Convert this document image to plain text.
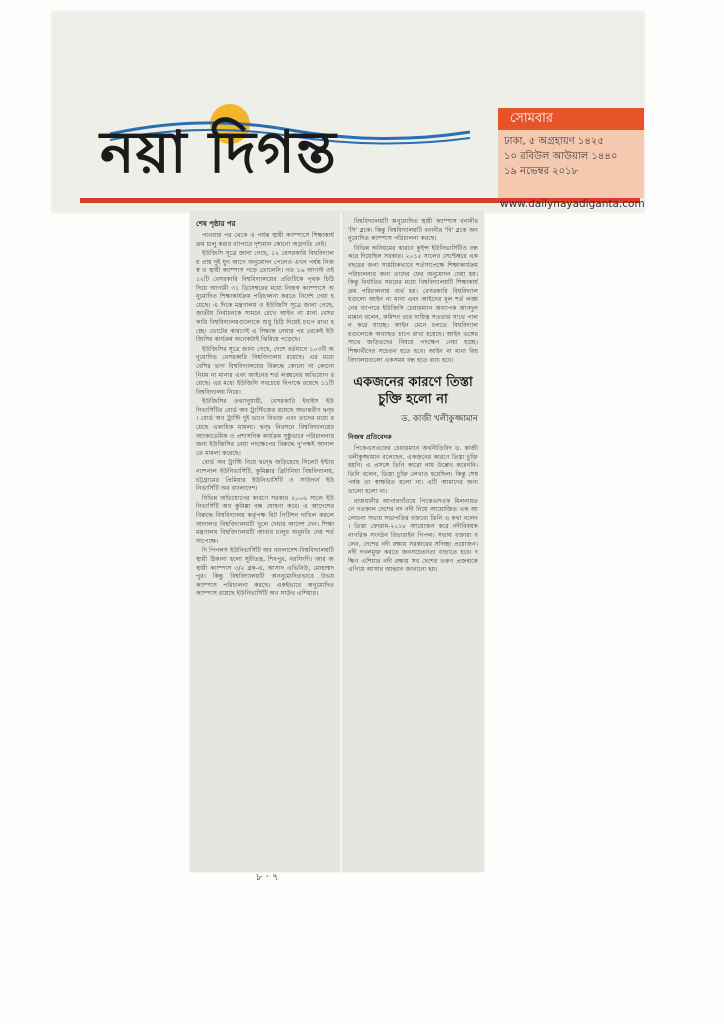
নয়া দিগন্ত	সোমবার
ঢাকা, ৫ অগ্রহায়ণ ১৪২৫
১০ রবিউল আউয়াল ১৪৪০
১৯ নভেম্বর ২০১৮
www.dailynayadiganta.com
শেষ পৃষ্ঠার পর

পাওয়ার পর থেকে এ পর্যন্ত স্থায়ী ক্যাম্পাসে শিক্ষাকার্যক্রম চালু করার ব্যাপারে দৃশ্যমান কোনো অগ্রগতি নেই।

ইউজিসি সূত্রে জানা গেছে, ১২ বেসরকারি বিশ্ববিদ্যালয় প্রায় দুই যুগ আগে অনুমোদন পেলেও এখন পর্যন্ত নিজস্ব ও স্থায়ী ক্যাম্পাস গড়ে তোলেনি। গত ১৬ আগস্ট ওই ১২টি বেসরকারি বিশ্ববিদ্যালয়ের প্রতিটিকে পৃথক চিঠি দিয়ে আগামী ৩১ ডিসেম্বরের মধ্যে নিজস্ব ক্যাম্পাসে অনুমোদিত শিক্ষাকার্যক্রম পরিচালনা করতে নির্দেশ দেয়া হয়েছে। এ দিকে মন্ত্রণালয় ও ইউজিসি সূত্রে জানা গেছে, জাতীয় নির্বাচনকে সামনে রেখে আইন না মানা বেসরকারি বিশ্ববিদ্যালয়গুলোকে শুধু চিঠি দিয়েই চাপে রাখা হচ্ছে। ভোটের কারণেই এ সিদ্ধান্ত নেয়ার পর থেকেই ইউজিসির কার্যক্রম অনেকটাই ঝিমিয়ে পড়েছে।

ইউজিসির সূত্রে জানা গেছে, দেশে বর্তমানে ১০৩টি অনুমোদিত বেসরকারি বিশ্ববিদ্যালয় রয়েছে। এর মধ্যে বেশির ভাগ বিশ্ববিদ্যালয়ের বিরুদ্ধে কোনো না কোনো নিয়ম না মানার এবং আইনের শর্ত লঙ্ঘনের অভিযোগ রয়েছে। এর মধ্যে ইউজিসি সবচেয়ে বিপাকে রয়েছে ১১টি বিশ্ববিদ্যালয় নিয়ে।

ইউজিসির তথ্যানুযায়ী, বেসরকারি ইবাইস ইউনিভার্সিটির বোর্ড অব ট্রাস্টিজের রয়েছে অভ্যন্তরীণ দ্বন্দ্ব। বোর্ড অব ট্রাস্টি দুই ভাগে বিভক্ত এবং তাদের মধ্যে রয়েছে একাধিক মামলা। দ্বন্দ্ব নিরসনে বিশ্ববিদ্যালয়ের অ্যাকাডেমিক ও প্রশাসনিক কার্যক্রম সুষ্ঠুভাবে পরিচালনার জন্য ইউজিসির নেয়া পদক্ষেপের বিরুদ্ধে দু'পক্ষই আদালতে মামলা করেছে।

বোর্ড অব ট্রাস্টি নিয়ে দ্বন্দ্বে জড়িয়েছে সিলেট ইন্টারন্যাশনাল ইউনিভার্সিটি, কুমিল্লার ব্রিটানিয়া বিশ্ববিদ্যালয়, চট্টগ্রামের প্রিমিয়ার ইউনিভার্সিটি ও সাউদার্ন ইউনিভার্সিটি অব বাংলাদেশ।

বিভিন্ন অভিযোগের কারণে সরকার ২০০৬ সালে ইউনিভার্সিটি অব কুমিল্লা বন্ধ ঘোষণা করে। এ আদেশের বিরুদ্ধে বিশ্ববিদ্যালয় কর্তৃপক্ষ রিট পিটিশন দাখিল করলে আদালত বিশ্ববিদ্যালয়টি খুলে দেয়ার আদেশ দেন। শিক্ষা মন্ত্রণালয় বিশ্ববিদ্যালয়টি আবার চালুর অনুমতি দেয় শর্ত সাপেক্ষে।

দি পিপলস ইউনিভার্সিটি অব বাংলাদেশ-বিশ্ববিদ্যালয়টি স্থায়ী ঠিকানা হলো সুরীতন্ত্র, শিবপুর, নরসিংদী। আর অস্থায়ী ক্যাম্পাস ৩/২ ব্লক-এ, আসাদ এভিনিউ, মোহাম্মদপুর। কিন্তু বিশ্ববিদ্যালয়টি অননুমোদিতভাবে উভয় ক্যাম্পাস পরিচালনা করছে। একইভাবে অনুমোদিত ক্যাম্পাস রয়েছে ইউনিভার্সিটি অব সাউথ এশিয়ার।

বিশ্ববিদ্যালয়টি অনুমোদিত স্থায়ী ক্যাম্পাস বনানীর 'সি' ব্লকে। কিন্তু বিশ্ববিদ্যালয়টি বনানীর 'বি' ব্লকে অননুমোদিত ক্যাম্পাস পরিচালনা করছে।

বিভিন্ন অনিয়মের কারণে কুইন্স ইউনিভার্সিটিও বন্ধ করে দিয়েছিল সরকার। ২০১৫ সালের সেপ্টেম্বরে এক বছরের জন্য সাময়িকভাবে শর্তসাপেক্ষে শিক্ষাকার্যক্রম পরিচালনার জন্য তাদের ফের অনুমোদন দেয়া হয়। কিন্তু নির্ধারিত সময়ের মধ্যে বিশ্ববিদ্যালয়টি শিক্ষাকার্যক্রম পরিচালনায় ব্যর্থ হয়। বেসরকারি বিশ্ববিদ্যালয়গুলো আইন না মানা এবং আইনের মূল শর্ত লঙ্ঘনের ব্যাপারে ইউজিসি চেয়ারম্যান অধ্যাপক আবদুল মান্নান বলেন, কমিশন তার দায়িত্ব সততার সাথে পালন করে যাচ্ছে। আইন মেনে চলতে বিশ্ববিদ্যালয়গুলোকে অব্যাহত চাপে রাখা হয়েছে। আইন ভঙ্গের সাথে জড়িতদের বিষয়ে পদক্ষেপ নেয়া হচ্ছে। শিক্ষার্থীদের সচেতন হতে হবে। আইন না মানা বিশ্ববিদ্যালয়গুলো একসময় বন্ধ হতে বাধ্য হবে।

একজনের কারণে তিস্তা চুক্তি হলো না
ড. কাজী খলীকুজ্জামান
নিজস্ব প্রতিবেদক

পিকেএসএফের চেয়ারম্যান অর্থনীতিবিদ ড. কাজী খলীকুজ্জামান বলেছেন, একজনের কারণে তিস্তা চুক্তি হয়নি। এ প্রসঙ্গে তিনি কারো নাম উল্লেখ করেননি। তিনি বলেন, তিস্তা চুক্তি লেখাও হয়েছিল। কিন্তু শেষ পর্যন্ত তা স্বাক্ষরিত হলো না। এটি আমাদের জন্য ভালো হলো না।

রাজধানীর আগারগাঁওয়ে পিকেএসএফ মিলনায়তনে গতকাল দেশের নদ নদী নিয়ে আয়োজিত এক আলোচনা সভায় সভাপতির বক্তব্যে তিনি এ কথা বলেন। তিস্তা ফোরাম-২০১৮ আয়োজন করে নদীবিষয়ক নাগরিক সংগঠন রিভারাইন পিপল। সভায় বক্তারা বলেন, দেশের নদী রক্ষায় সরকারের সদিচ্ছা প্রয়োজন। নদী দখলমুক্ত করতে জনসচেতনতা বাড়াতে হবে। দক্ষিণ এশিয়ার নদী রক্ষায় সব দেশের তরুণ প্রজন্মকে এগিয়ে আসার আহ্বান জানানো হয়।

৮ · ৭
